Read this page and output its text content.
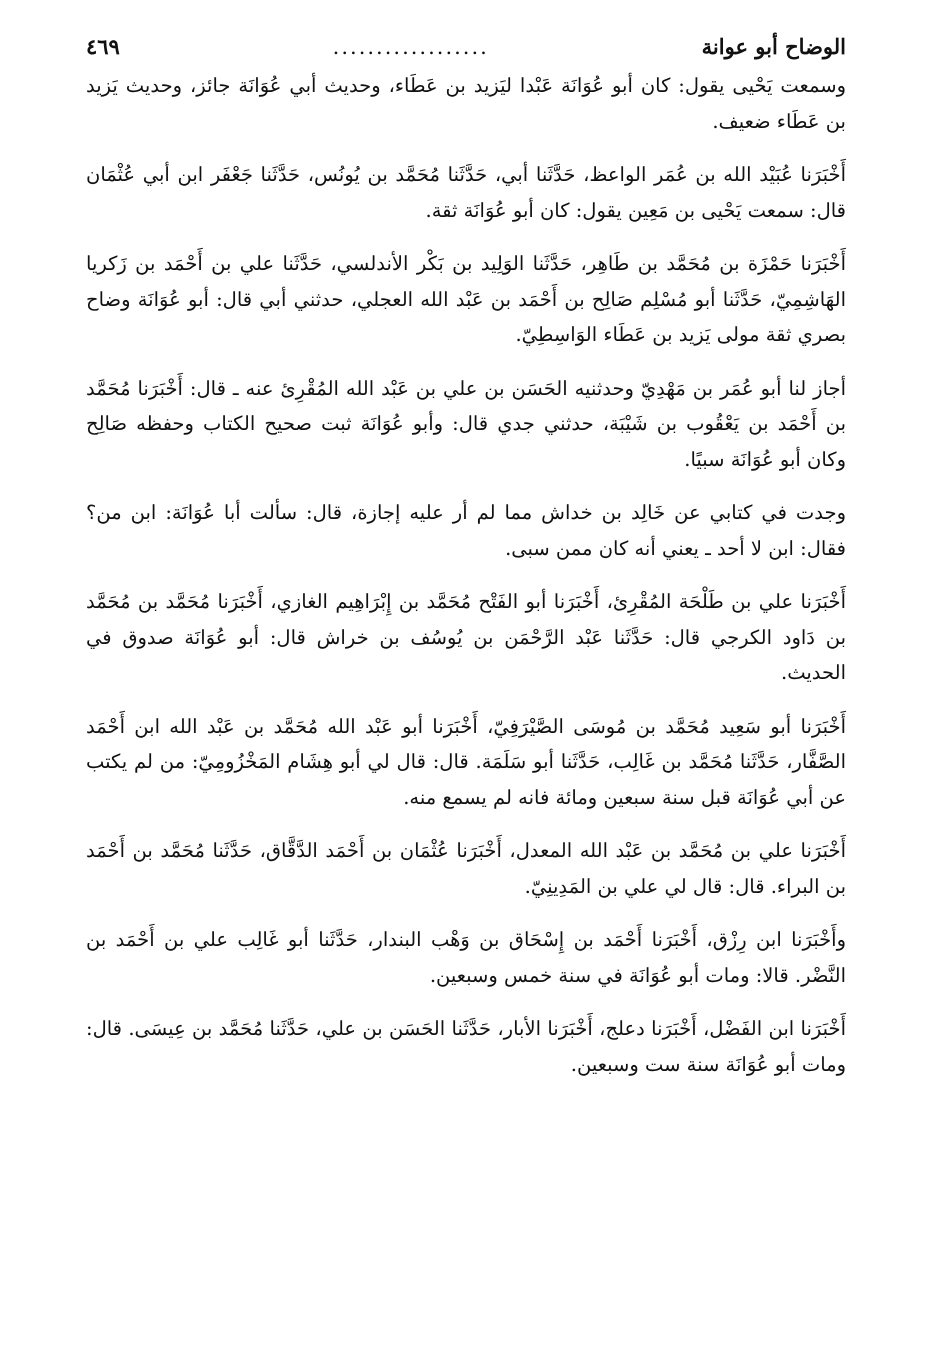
الوضاح أبو عوانة
..................
٤٦٩

وسمعت يَحْيى يقول: كان أبو عُوَانَة عَبْدا ليَزيد بن عَطَاء، وحديث أبي عُوَانَة جائز، وحديث يَزيد بن عَطَاء ضعيف.

أَخْبَرَنا عُبَيْد الله بن عُمَر الواعظ، حَدَّثَنا أبي، حَدَّثَنا مُحَمَّد بن يُونُس، حَدَّثَنا جَعْفَر ابن أبي عُثْمَان قال: سمعت يَحْيى بن مَعِين يقول: كان أبو عُوَانَة ثقة.

أَخْبَرَنا حَمْزَة بن مُحَمَّد بن طَاهِر، حَدَّثَنا الوَلِيد بن بَكْر الأندلسي، حَدَّثَنا علي بن أَحْمَد بن زَكريا الهَاشِمِيّ، حَدَّثَنا أبو مُسْلِم صَالِح بن أَحْمَد بن عَبْد الله العجلي، حدثني أبي قال: أبو عُوَانَة وضاح بصري ثقة مولى يَزيد بن عَطَاء الوَاسِطِيّ.

أجاز لنا أبو عُمَر بن مَهْدِيّ وحدثنيه الحَسَن بن علي بن عَبْد الله المُقْرِئ عنه ـ قال: أَخْبَرَنا مُحَمَّد بن أَحْمَد بن يَعْقُوب بن شَيْبَة، حدثني جدي قال: وأبو عُوَانَة ثبت صحيح الكتاب وحفظه صَالِح وكان أبو عُوَانَة سبيًا.

وجدت في كتابي عن خَالِد بن خداش مما لم أر عليه إجازة، قال: سألت أبا عُوَانَة: ابن من؟ فقال: ابن لا أحد ـ يعني أنه كان ممن سبى.

أَخْبَرَنا علي بن طَلْحَة المُقْرِئ، أَخْبَرَنا أبو الفَتْح مُحَمَّد بن إِبْرَاهِيم الغازي، أَخْبَرَنا مُحَمَّد بن مُحَمَّد بن دَاود الكرجي قال: حَدَّثَنا عَبْد الرَّحْمَن بن يُوسُف بن خراش قال: أبو عُوَانَة صدوق في الحديث.

أَخْبَرَنا أبو سَعِيد مُحَمَّد بن مُوسَى الصَّيْرَفِيّ، أَخْبَرَنا أبو عَبْد الله مُحَمَّد بن عَبْد الله ابن أَحْمَد الصَّفَّار، حَدَّثَنا مُحَمَّد بن غَالِب، حَدَّثَنا أبو سَلَمَة. قال: قال لي أبو هِشَام المَخْزُومِيّ: من لم يكتب عن أبي عُوَانَة قبل سنة سبعين ومائة فانه لم يسمع منه.

أَخْبَرَنا علي بن مُحَمَّد بن عَبْد الله المعدل، أَخْبَرَنا عُثْمَان بن أَحْمَد الدَّقَّاق، حَدَّثَنا مُحَمَّد بن أَحْمَد بن البراء. قال: قال لي علي بن المَدِينِيّ.

وأَخْبَرَنا ابن رِزْق، أَخْبَرَنا أَحْمَد بن إِسْحَاق بن وَهْب البندار، حَدَّثَنا أبو غَالِب علي بن أَحْمَد بن النَّضْر. قالا: ومات أبو عُوَانَة في سنة خمس وسبعين.

أَخْبَرَنا ابن الفَضْل، أَخْبَرَنا دعلج، أَخْبَرَنا الأبار، حَدَّثَنا الحَسَن بن علي، حَدَّثَنا مُحَمَّد بن عِيسَى. قال: ومات أبو عُوَانَة سنة ست وسبعين.
